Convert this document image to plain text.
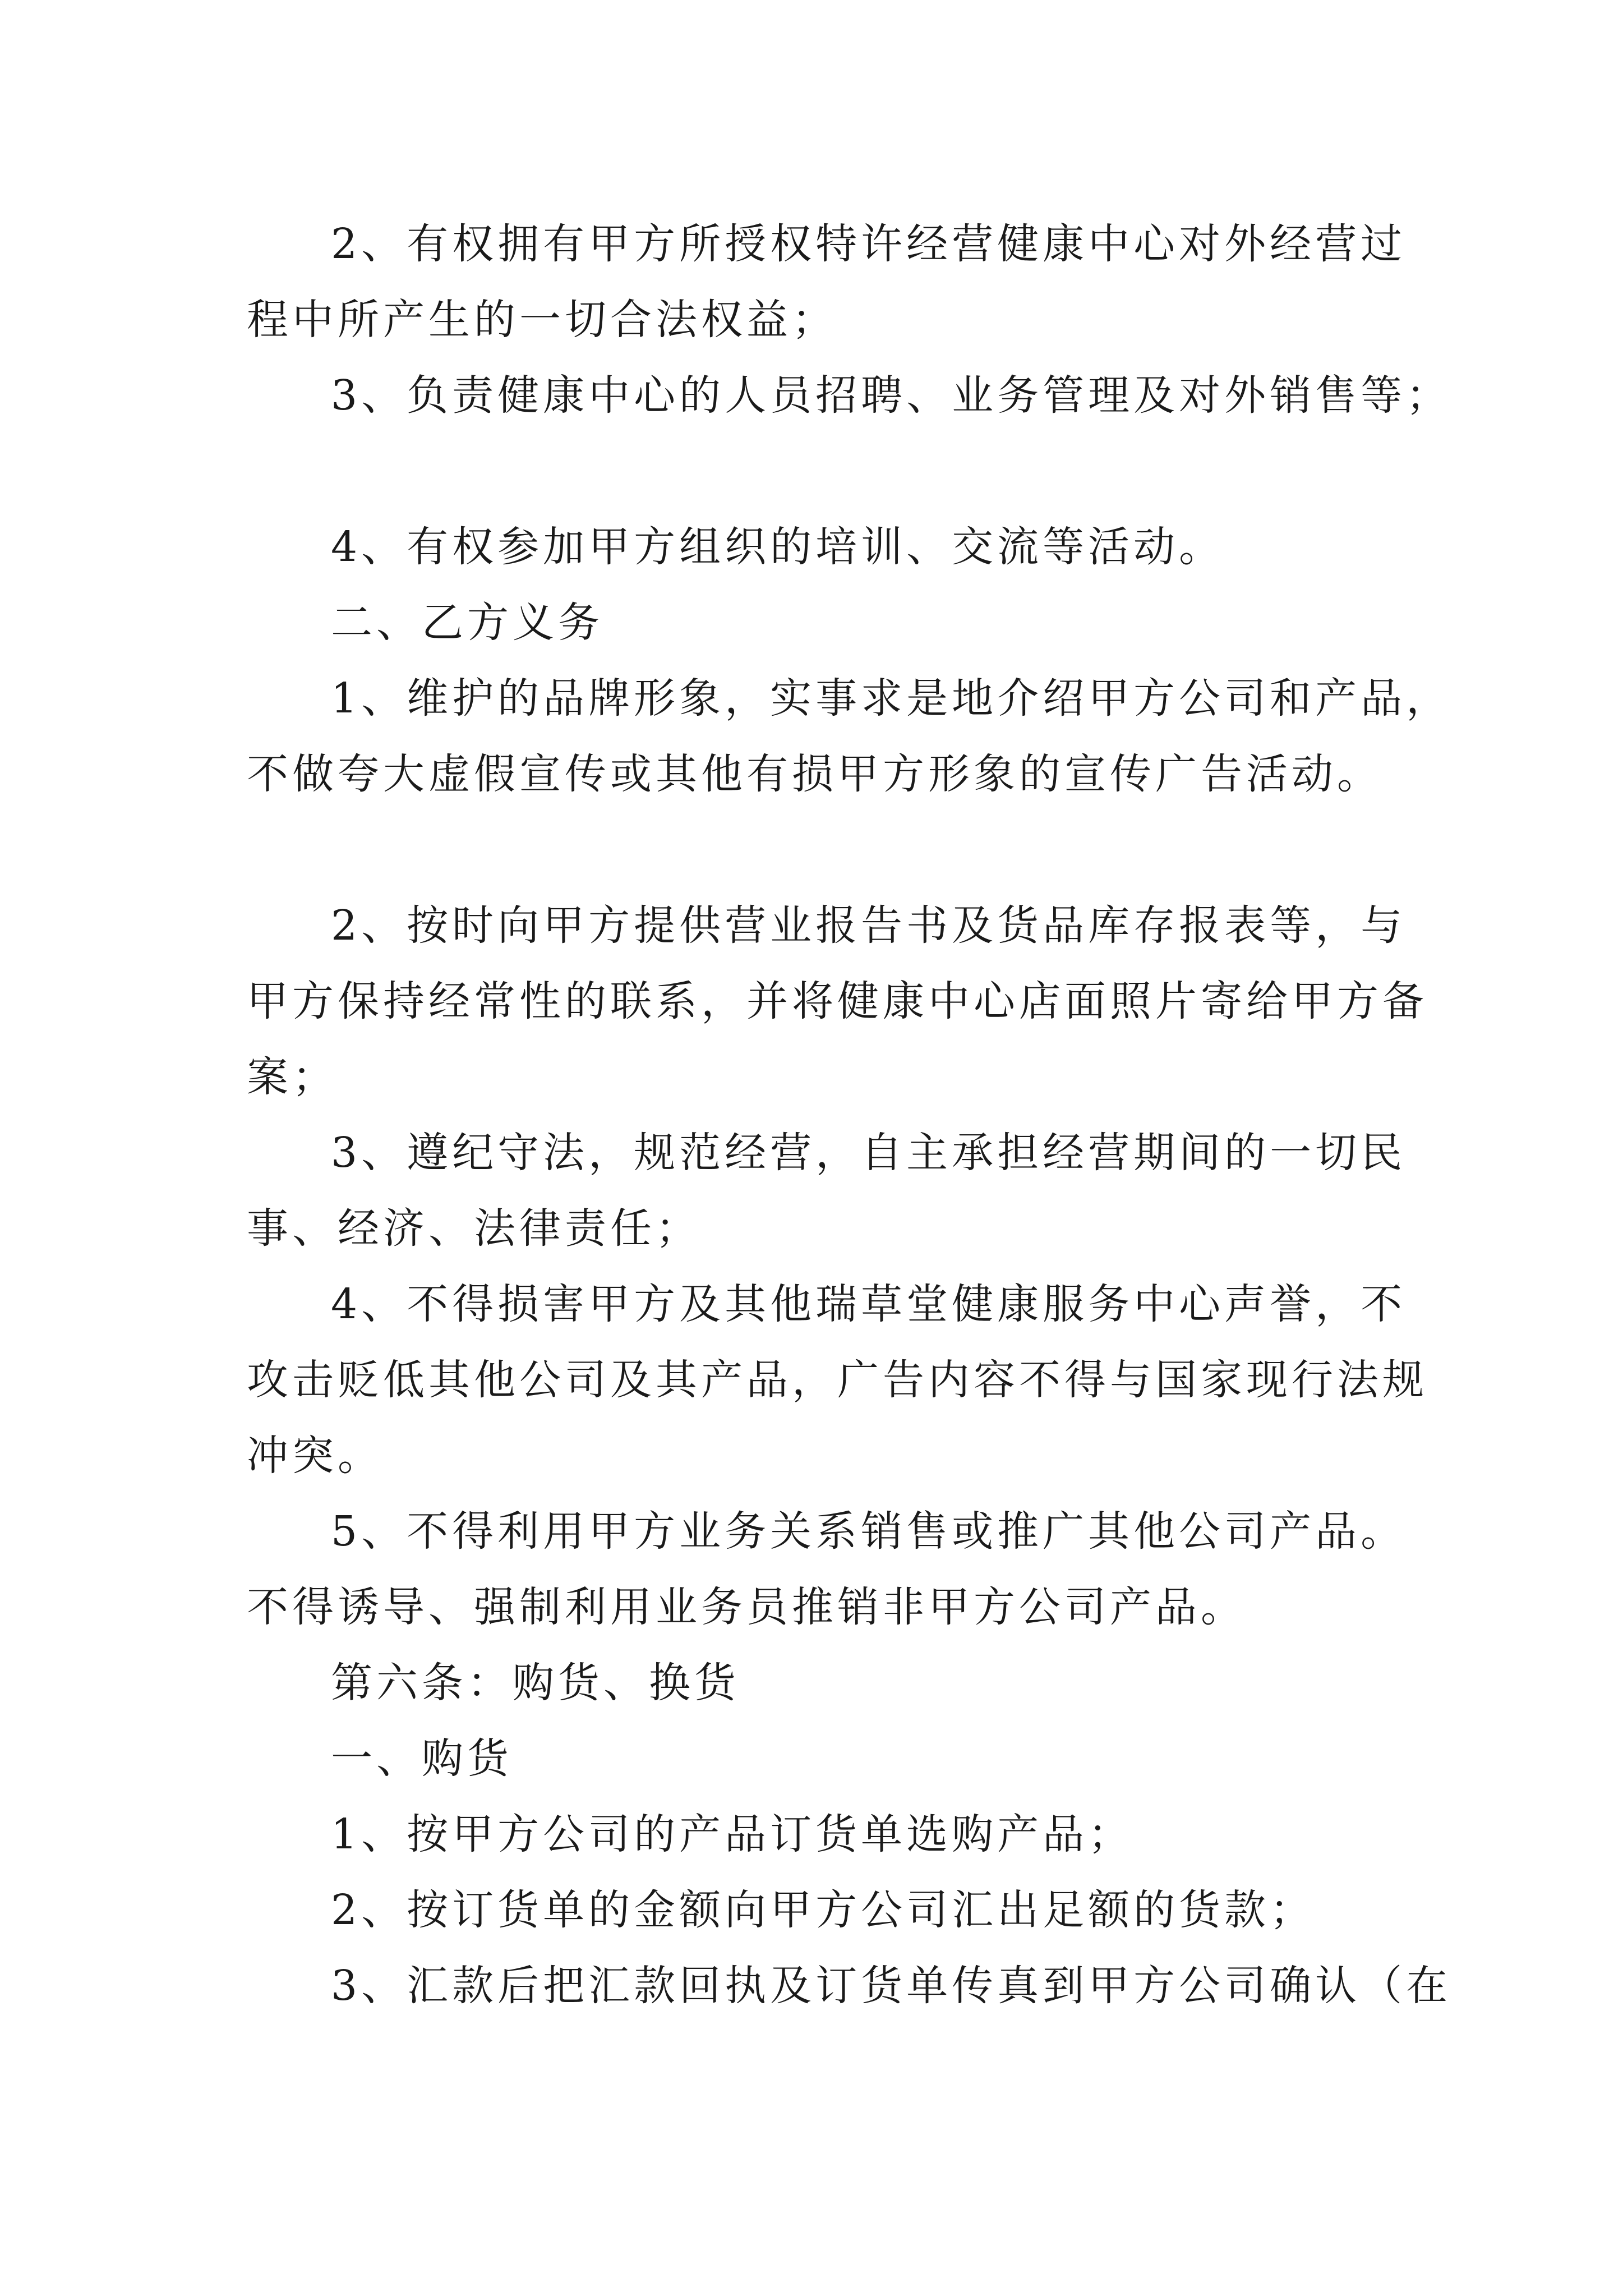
2、有权拥有甲方所授权特许经营健康中心对外经营过
程中所产生的一切合法权益；
3、负责健康中心的人员招聘、业务管理及对外销售等；
4、有权参加甲方组织的培训、交流等活动。
二、乙方义务
1、维护的品牌形象，实事求是地介绍甲方公司和产品，
不做夸大虚假宣传或其他有损甲方形象的宣传广告活动。
2、按时向甲方提供营业报告书及货品库存报表等，与
甲方保持经常性的联系，并将健康中心店面照片寄给甲方备
案；
3、遵纪守法，规范经营，自主承担经营期间的一切民
事、经济、法律责任；
4、不得损害甲方及其他瑞草堂健康服务中心声誉，不
攻击贬低其他公司及其产品，广告内容不得与国家现行法规
冲突。
5、不得利用甲方业务关系销售或推广其他公司产品。
不得诱导、强制利用业务员推销非甲方公司产品。
第六条：购货、换货
一、购货
1、按甲方公司的产品订货单选购产品；
2、按订货单的金额向甲方公司汇出足额的货款；
3、汇款后把汇款回执及订货单传真到甲方公司确认（在
